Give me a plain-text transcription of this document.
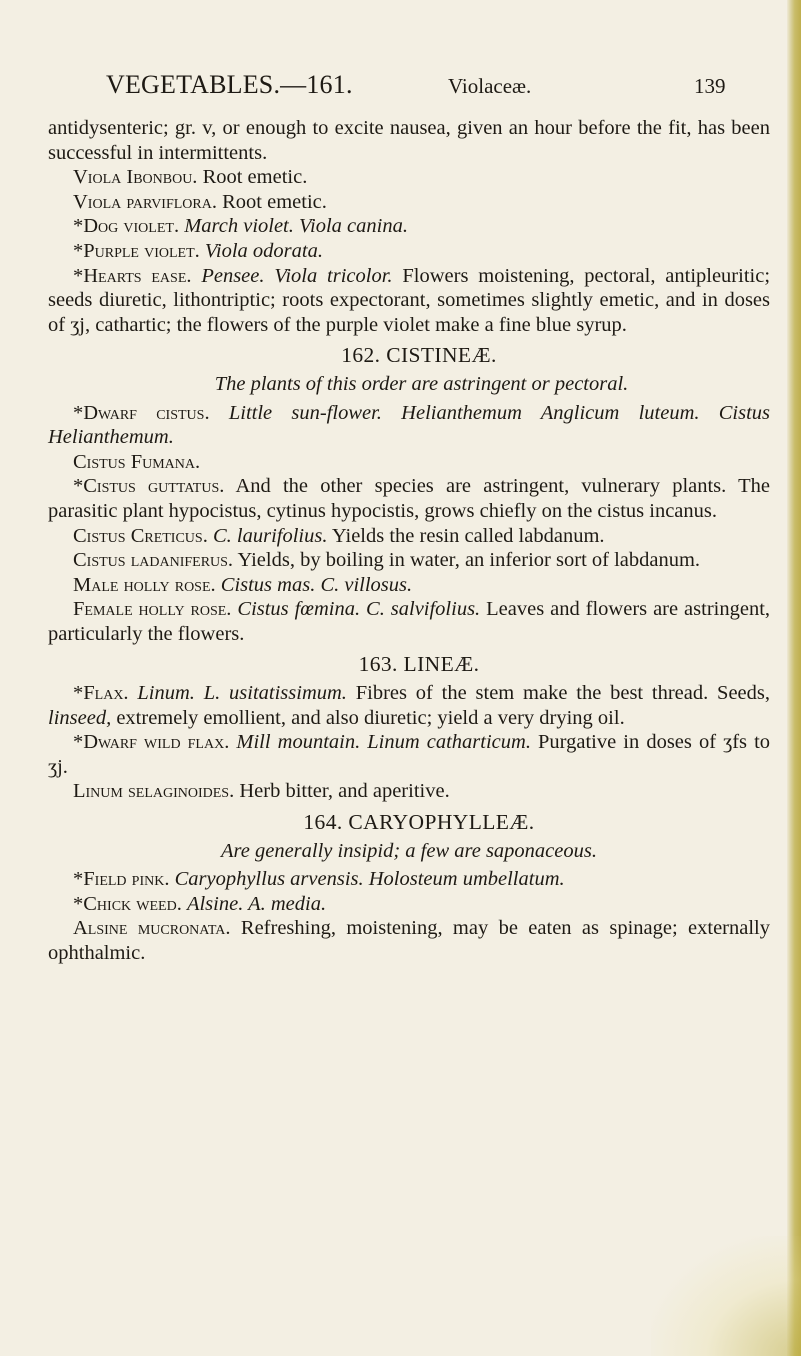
VEGETABLES.—161.	Violaceæ.	139

antidysenteric; gr. v, or enough to excite nausea, given an hour before the fit, has been successful in intermittents.

Viola Ibonbou. Root emetic.

Viola parviflora. Root emetic.

*Dog violet. March violet. Viola canina.

*Purple violet. Viola odorata.

*Hearts ease. Pensee. Viola tricolor. Flowers moistening, pectoral, antipleuritic; seeds diuretic, lithontriptic; roots expectorant, sometimes slightly emetic, and in doses of ʒj, cathartic; the flowers of the purple violet make a fine blue syrup.

162. CISTINEÆ.

The plants of this order are astringent or pectoral.

*Dwarf cistus. Little sun-flower. Helianthemum Anglicum luteum. Cistus Helianthemum.

Cistus Fumana.

*Cistus guttatus. And the other species are astringent, vulnerary plants. The parasitic plant hypocistus, cytinus hypocistis, grows chiefly on the cistus incanus.

Cistus Creticus. C. laurifolius. Yields the resin called labdanum.

Cistus ladaniferus. Yields, by boiling in water, an inferior sort of labdanum.

Male holly rose. Cistus mas. C. villosus.

Female holly rose. Cistus fœmina. C. salvifolius. Leaves and flowers are astringent, particularly the flowers.

163. LINEÆ.

*Flax. Linum. L. usitatissimum. Fibres of the stem make the best thread. Seeds, linseed, extremely emollient, and also diuretic; yield a very drying oil.

*Dwarf wild flax. Mill mountain. Linum catharticum. Purgative in doses of ʒfs to ʒj.

Linum selaginoides. Herb bitter, and aperitive.

164. CARYOPHYLLEÆ.

Are generally insipid; a few are saponaceous.

*Field pink. Caryophyllus arvensis. Holosteum umbellatum.

*Chick weed. Alsine. A. media.

Alsine mucronata. Refreshing, moistening, may be eaten as spinage; externally ophthalmic.
